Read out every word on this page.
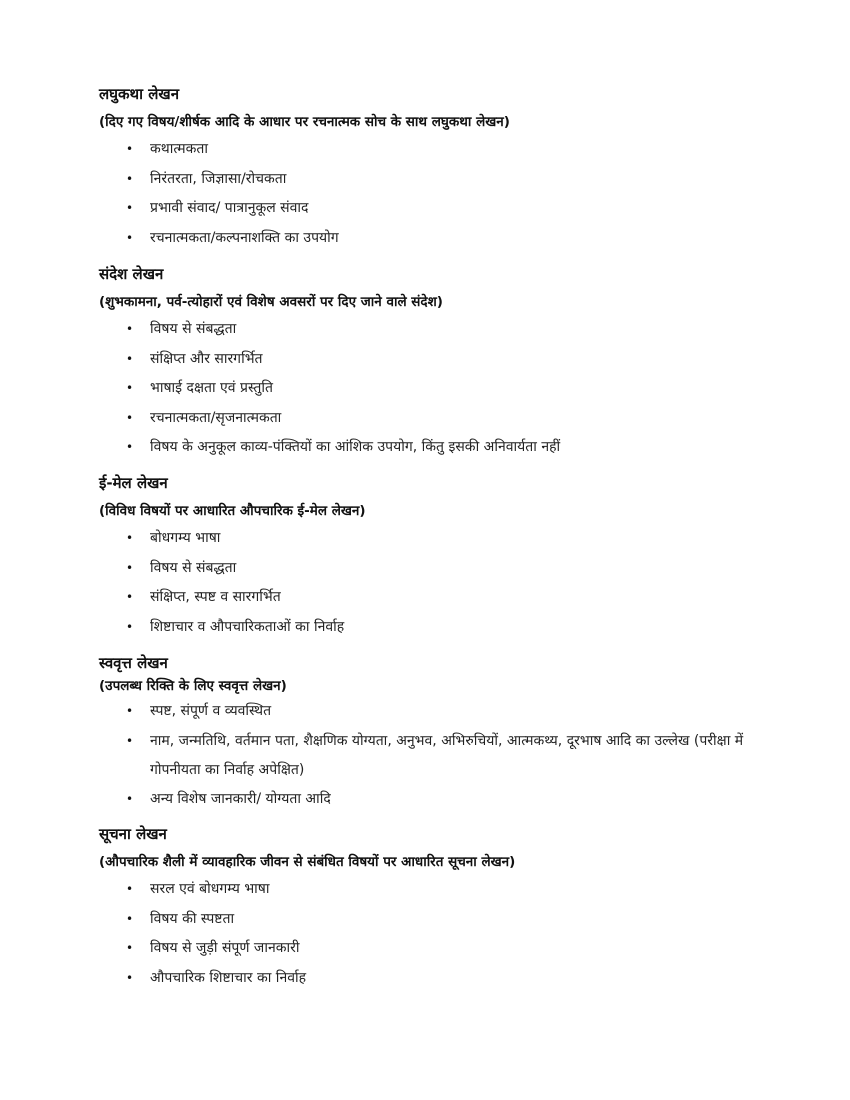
लघुकथा लेखन

(दिए गए विषय/शीर्षक आदि के आधार पर रचनात्मक सोच के साथ लघुकथा लेखन)

• कथात्मकता
• निरंतरता, जिज्ञासा/रोचकता
• प्रभावी संवाद/ पात्रानुकूल संवाद
• रचनात्मकता/कल्पनाशक्ति का उपयोग

संदेश लेखन

(शुभकामना, पर्व-त्योहारों एवं विशेष अवसरों पर दिए जाने वाले संदेश)

• विषय से संबद्धता
• संक्षिप्त और सारगर्भित
• भाषाई दक्षता एवं प्रस्तुति
• रचनात्मकता/सृजनात्मकता
• विषय के अनुकूल काव्य-पंक्तियों का आंशिक उपयोग, किंतु इसकी अनिवार्यता नहीं

ई-मेल लेखन

(विविध विषयों पर आधारित औपचारिक ई-मेल लेखन)

• बोधगम्य भाषा
• विषय से संबद्धता
• संक्षिप्त, स्पष्ट व सारगर्भित
• शिष्टाचार व औपचारिकताओं का निर्वाह

स्ववृत्त लेखन

(उपलब्ध रिक्ति के लिए स्ववृत्त लेखन)

• स्पष्ट, संपूर्ण व व्यवस्थित
• नाम, जन्मतिथि, वर्तमान पता, शैक्षणिक योग्यता, अनुभव, अभिरुचियों, आत्मकथ्य, दूरभाष आदि का उल्लेख (परीक्षा में गोपनीयता का निर्वाह अपेक्षित)
• अन्य विशेष जानकारी/ योग्यता आदि

सूचना लेखन

(औपचारिक शैली में व्यावहारिक जीवन से संबंधित विषयों पर आधारित सूचना लेखन)

• सरल एवं बोधगम्य भाषा
• विषय की स्पष्टता
• विषय से जुड़ी संपूर्ण जानकारी
• औपचारिक शिष्टाचार का निर्वाह
